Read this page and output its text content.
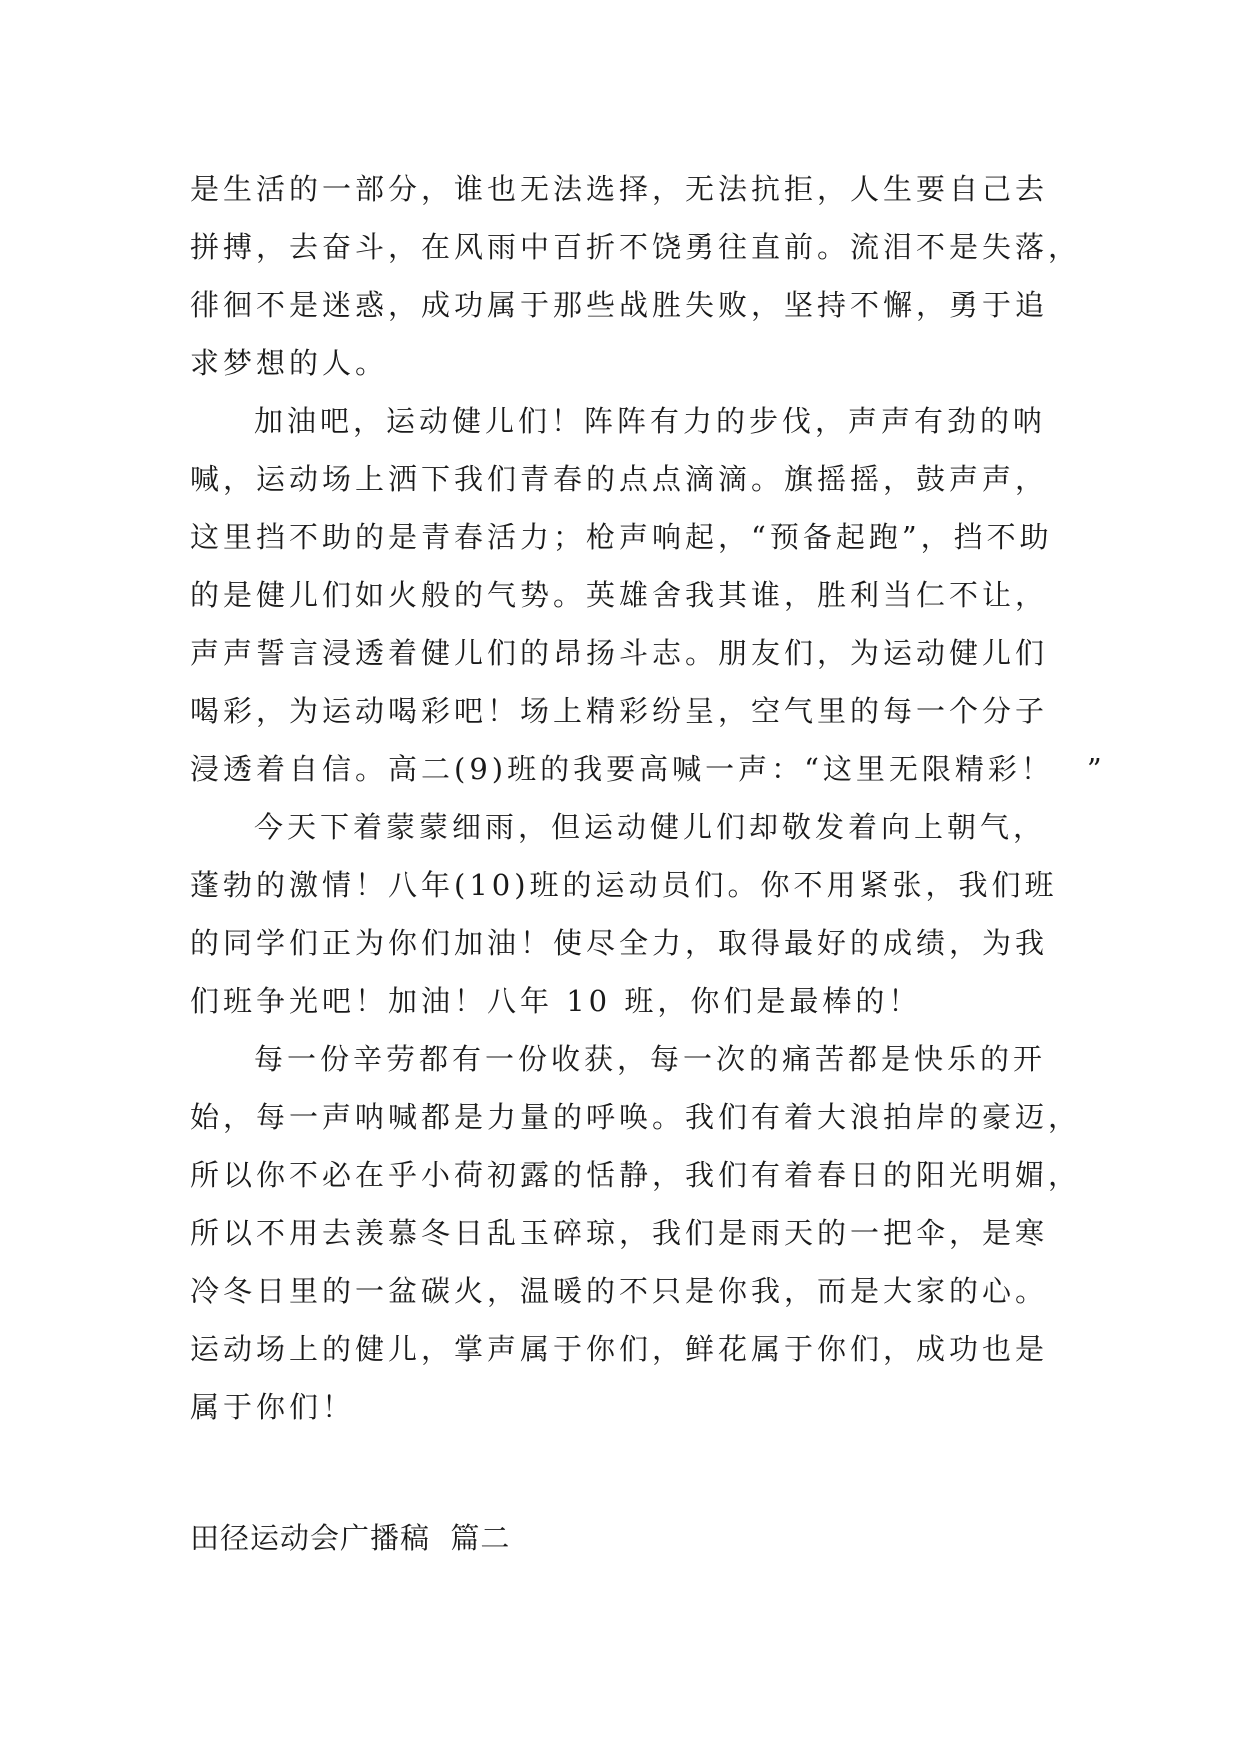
是生活的一部分，谁也无法选择，无法抗拒，人生要自己去
拼搏，去奋斗，在风雨中百折不饶勇往直前。流泪不是失落，
徘徊不是迷惑，成功属于那些战胜失败，坚持不懈，勇于追
求梦想的人。
加油吧，运动健儿们！阵阵有力的步伐，声声有劲的呐
喊，运动场上洒下我们青春的点点滴滴。旗摇摇，鼓声声，
这里挡不助的是青春活力；枪声响起，“预备起跑”，挡不助
的是健儿们如火般的气势。英雄舍我其谁，胜利当仁不让，
声声誓言浸透着健儿们的昂扬斗志。朋友们，为运动健儿们
喝彩，为运动喝彩吧！场上精彩纷呈，空气里的每一个分子
浸透着自信。高二(9)班的我要高喊一声：“这里无限精彩！　”
今天下着蒙蒙细雨，但运动健儿们却敬发着向上朝气，
蓬勃的激情！八年(10)班的运动员们。你不用紧张，我们班
的同学们正为你们加油！使尽全力，取得最好的成绩，为我
们班争光吧！加油！八年 10 班，你们是最棒的！
每一份辛劳都有一份收获，每一次的痛苦都是快乐的开
始，每一声呐喊都是力量的呼唤。我们有着大浪拍岸的豪迈，
所以你不必在乎小荷初露的恬静，我们有着春日的阳光明媚，
所以不用去羡慕冬日乱玉碎琼，我们是雨天的一把伞，是寒
冷冬日里的一盆碳火，温暖的不只是你我，而是大家的心。
运动场上的健儿，掌声属于你们，鲜花属于你们，成功也是
属于你们！
田径运动会广播稿  篇二
